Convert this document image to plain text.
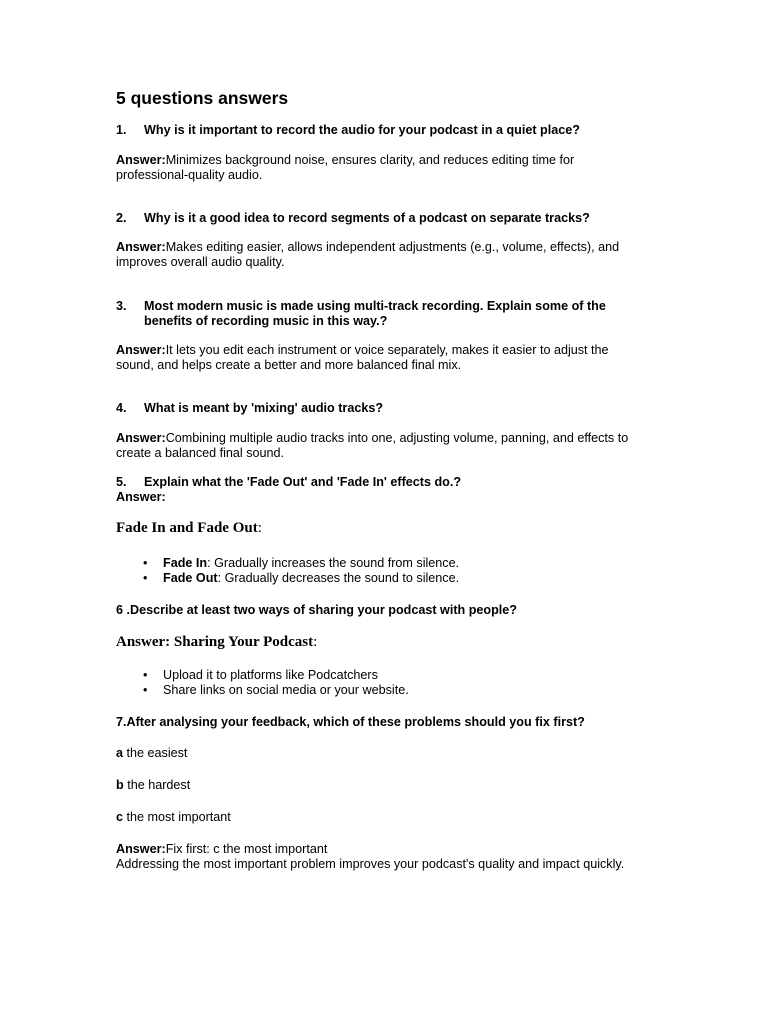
5 questions answers
1. Why is it important to record the audio for your podcast in a quiet place?
Answer:Minimizes background noise, ensures clarity, and reduces editing time for
professional-quality audio.
2. Why is it a good idea to record segments of a podcast on separate tracks?
Answer:Makes editing easier, allows independent adjustments (e.g., volume, effects), and
improves overall audio quality.
3. Most modern music is made using multi-track recording. Explain some of the
benefits of recording music in this way.?
Answer:It lets you edit each instrument or voice separately, makes it easier to adjust the
sound, and helps create a better and more balanced final mix.
4. What is meant by 'mixing' audio tracks?
Answer:Combining multiple audio tracks into one, adjusting volume, panning, and effects to
create a balanced final sound.
5. Explain what the 'Fade Out' and 'Fade In' effects do.?
Answer:
Fade In and Fade Out:
• Fade In: Gradually increases the sound from silence.
• Fade Out: Gradually decreases the sound to silence.
6 .Describe at least two ways of sharing your podcast with people?
Answer: Sharing Your Podcast:
• Upload it to platforms like Podcatchers
• Share links on social media or your website.
7.After analysing your feedback, which of these problems should you fix first?
a the easiest
b the hardest
c the most important
Answer:Fix first: c the most important
Addressing the most important problem improves your podcast's quality and impact quickly.
